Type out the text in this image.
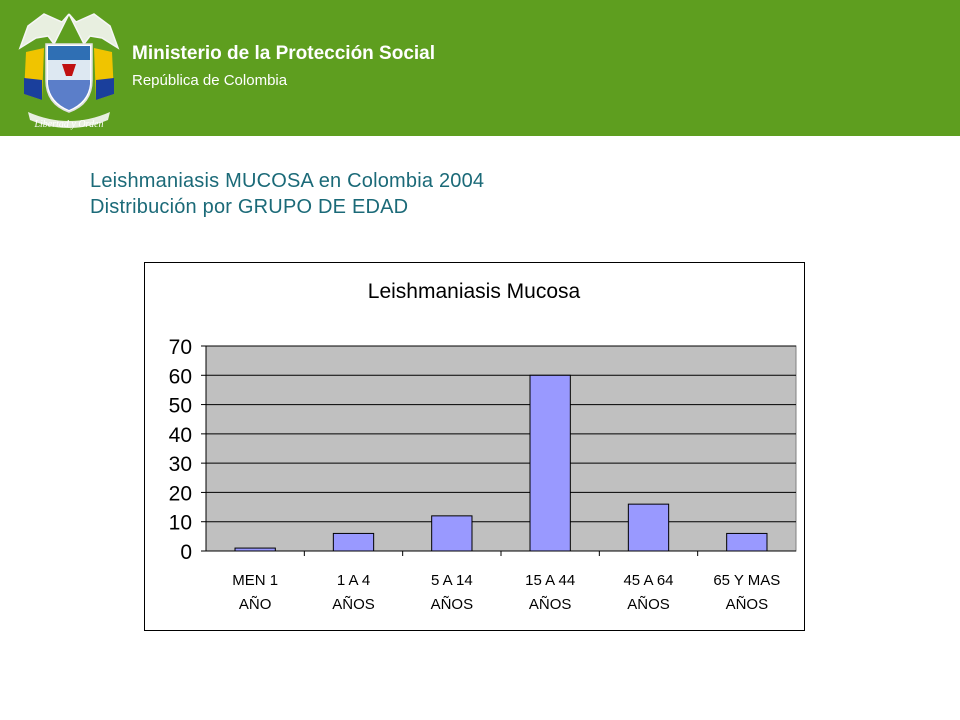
Libertad y Orden
Ministerio de la Protección Social
República de Colombia
Leishmaniasis MUCOSA en Colombia 2004
Distribución por GRUPO DE EDAD
Leishmaniasis Mucosa
0
10
20
30
40
50
60
70
MEN 1
AÑO
1 A 4
AÑOS
5 A 14
AÑOS
15 A 44
AÑOS
45 A 64
AÑOS
65 Y MAS
AÑOS
